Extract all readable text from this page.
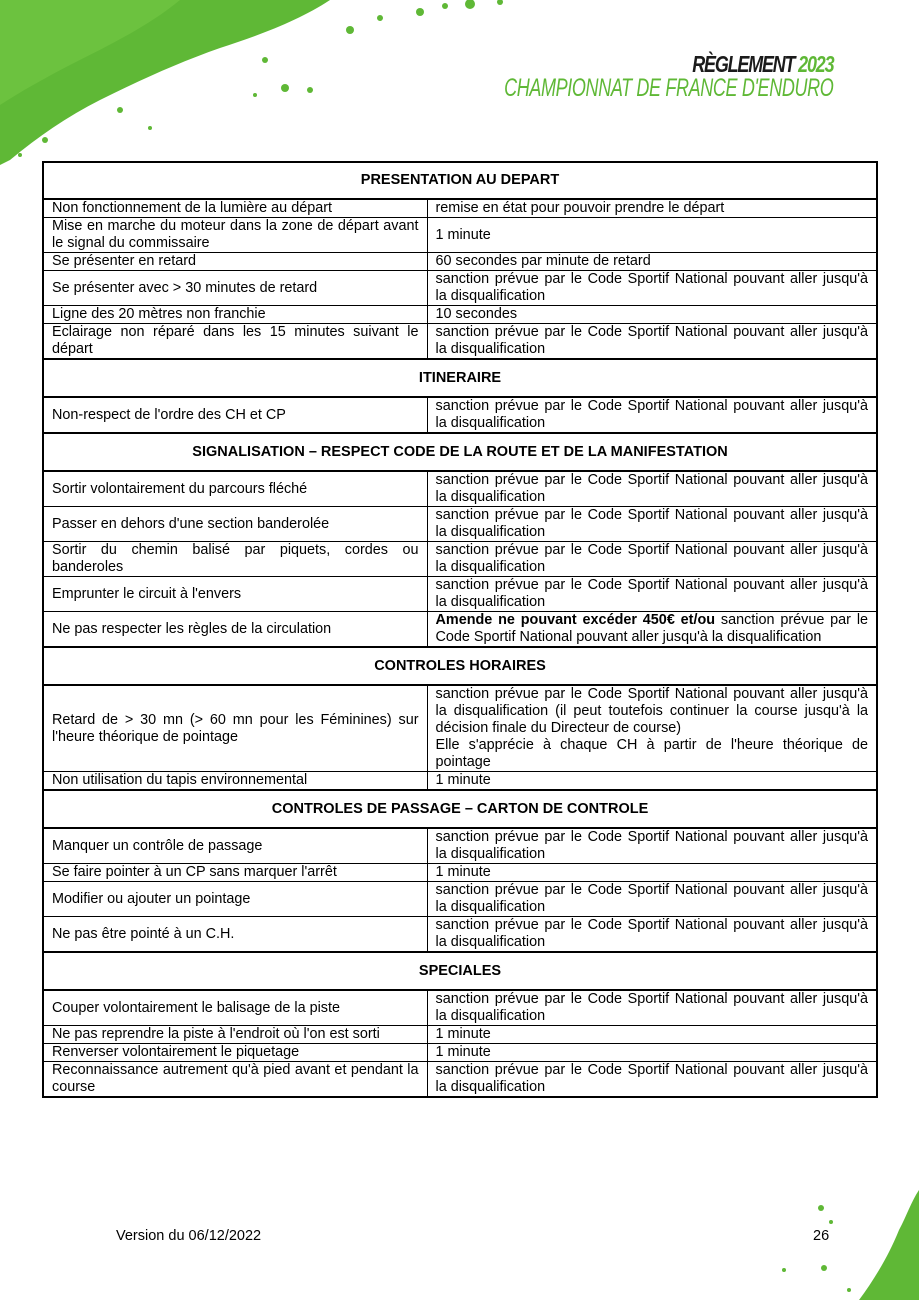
RÈGLEMENT 2023
CHAMPIONNAT DE FRANCE D'ENDURO
PRESENTATION AU DEPART	
Non fonctionnement de la lumière au départ	remise en état pour pouvoir prendre le départ

Mise en marche du moteur dans la zone de départ avant le signal du commissaire	1 minute

Se présenter en retard	60 secondes par minute de retard

Se présenter avec > 30 minutes de retard	sanction prévue par le Code Sportif National pouvant aller jusqu'à la disqualification

Ligne des 20 mètres non franchie	10 secondes

Eclairage non réparé dans les 15 minutes suivant le départ	sanction prévue par le Code Sportif National pouvant aller jusqu'à la disqualification

ITINERAIRE	
Non-respect de l'ordre des CH et CP	sanction prévue par le Code Sportif National pouvant aller jusqu'à la disqualification

SIGNALISATION – RESPECT CODE DE LA ROUTE ET DE LA MANIFESTATION	
Sortir volontairement du parcours fléché	sanction prévue par le Code Sportif National pouvant aller jusqu'à la disqualification

Passer en dehors d'une section banderolée	sanction prévue par le Code Sportif National pouvant aller jusqu'à la disqualification

Sortir du chemin balisé par piquets, cordes ou banderoles	sanction prévue par le Code Sportif National pouvant aller jusqu'à la disqualification

Emprunter le circuit à l'envers	sanction prévue par le Code Sportif National pouvant aller jusqu'à la disqualification

Ne pas respecter les règles de la circulation	Amende ne pouvant excéder 450€ et/ou sanction prévue par le Code Sportif National pouvant aller jusqu'à la disqualification
CONTROLES HORAIRES	
Retard de > 30 mn (> 60 mn pour les Féminines) sur l'heure théorique de pointage	sanction prévue par le Code Sportif National pouvant aller jusqu'à la disqualification (il peut toutefois continuer la course jusqu'à la décision finale du Directeur de course)
Elle s'apprécie à chaque CH à partir de l'heure théorique de pointage

Non utilisation du tapis environnemental	1 minute

CONTROLES DE PASSAGE – CARTON DE CONTROLE	
Manquer un contrôle de passage	sanction prévue par le Code Sportif National pouvant aller jusqu'à la disqualification

Se faire pointer à un CP sans marquer l'arrêt	1 minute

Modifier ou ajouter un pointage	sanction prévue par le Code Sportif National pouvant aller jusqu'à la disqualification

Ne pas être pointé à un C.H.	sanction prévue par le Code Sportif National pouvant aller jusqu'à la disqualification

SPECIALES	
Couper volontairement le balisage de la piste	sanction prévue par le Code Sportif National pouvant aller jusqu'à la disqualification

Ne pas reprendre la piste à l'endroit où l'on est sorti	1 minute

Renverser volontairement le piquetage	1 minute

Reconnaissance autrement qu'à pied avant et pendant la course	sanction prévue par le Code Sportif National pouvant aller jusqu'à la disqualification
Version du 06/12/2022	26
